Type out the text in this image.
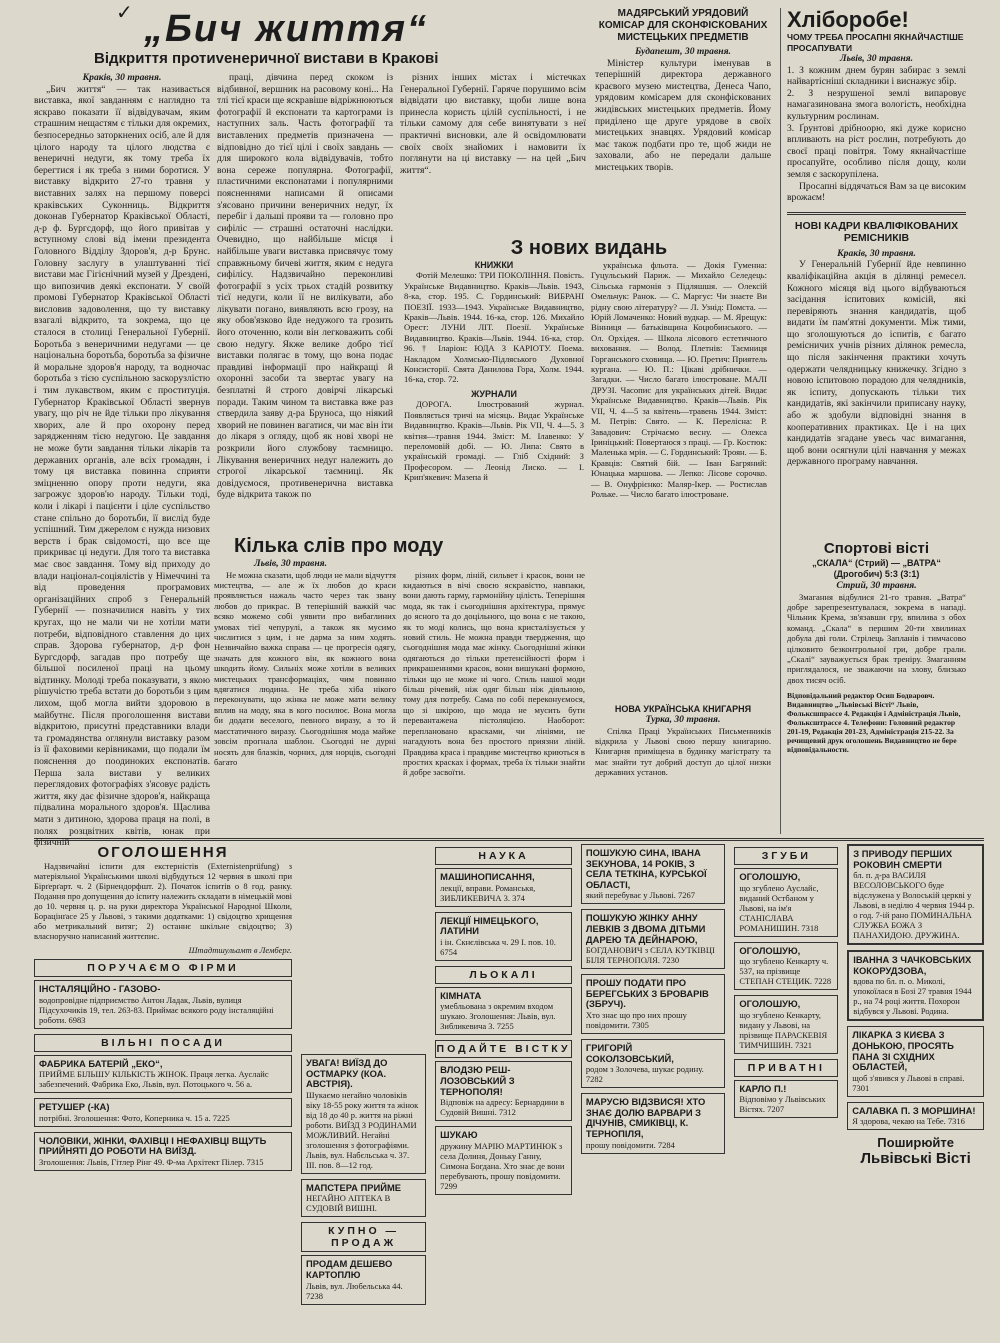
✓ „Бич життя“
Відкриття протиvенеричної вистави в Кракові
Краків, 30 травня.

„Бич життя“ — так називається виставка, якої завданням є наглядно та яскраво показати її відвідувачам, яким страшним нещастям є тільки для окремих, безпосередньо заторкнених осіб, але й для цілого народу та цілого людства є венеричні недуги, як тому треба їх берегтися і як треба з ними боротися. У виставку відкрито 27-го травня у виставних залях на першому поверсі краківських Суконниць. Відкриття доконав Губернатор Краківської Області, д-р ф. Бургсдорф, що його привітав у вступному слові від імени президента Головного Відділу Здоров'я, д-р Брунс. Головну заслугу в улаштуванні тієї вистави має Гігієнічний музей у Дрездені, що випозичив деякі експонати. У своїй промові Губернатор Краківської Області висловив задоволення, що ту виставку взагалі відкрито, та зокрема, що це сталося в столиці Генеральної Губернії. Боротьба з венеричними недугами — це національна боротьба, боротьба за фізичне й моральне здоров'я народу, та водночас боротьба з тією суспільною заскорузлістю і тим лукавством, яким є проституція. Губернатор Краківської Області звернув увагу, що річ не йде тільки про лікування хворих, але й про охорону перед зарядженням тією недугою. Це завдання не може бути завдання тільки лікарів та державних органів, але всіх громадян, і тому ця виставка повинна сприяти зміцненню опору проти недуги, яка загрожує здоров'ю народу. Тільки тоді, коли і лікарі і пацієнти і ціле суспільство стане спільно до боротьби, її вислід буде успішний. Тим джерелом є нужда низових верств і брак свідомості, що все ще прикриває ці недуги. Для того та виставка має своє завдання. Тому від приходу до влади націонал-соціялістів у Німеччині та від проведення програмових організаційних спроб з Генеральній Губернії — позначилися навіть у тих кругах, що не мали чи не хотіли мати потреби, відповідного ставлення до цих справ. Здорова губернатор, д-р фон Бургсдорф, загадав про потребу ще більшої посиленої праці на цьому відтинку. Молоді треба показувати, з якою рішучістю треба встати до боротьби з цим лихом, щоб могла вийти здоровою в майбутнє. Після проголошення вистави відкритою, присутні представники влади та громадянства оглянули виставку разом із її фаховими керівниками, що подали їм пояснення до поодиноких експонатів. Перша зала вистави у великих переглядових фотографіях з'ясовує радість життя, яку дає фізичне здоров'я, найкраща підвалина морального здоров'я. Щаслива мати з дитиною, здорова праця на полі, в полях розцвітних квітів, юнак при фізичній

праці, дівчина перед скоком із відбивної, вершник на расовому коні... На тлі тієї краси ще яскравіше відріжнюються фотографії й експонати та картограми із наступних заль. Часть фотографії та виставлених предметів призначена — відповідно до тієї цілі і своїх завдань — для широкого кола відвідувачів, тобто вона сереже популярна. Фотографії, пластичними експонатами і популярними поясненнями написами й описами з'ясовано причини венеричних недуг, їх перебіг і дальші прояви та — головно про сифіліс — страшні остаточні наслідки. Очевидно, що найбільше місця і найбільше уваги виставка присвячує тому справжньому бичеві життя, яким є недуга сифілісу. Надзвичайно переконливі фотографії з усіх трьох стадій розвитку тієї недуги, коли її не вилікувати, або лікувати погано, виявляють всю грозу, на яку обов'язково йде недужого та грозить його оточенню, коли він легковажить собі свою недугу. Якже велике добро тієї виставки полягає в тому, що вона подає правдиві інформації про найкращі й охоронні засоби та звертає увагу на безплатні й строго довірчі лікарські поради. Таким чином та виставка вже раз ствердила заяву д-ра Бруноса, що ніякий хворий не повинен вагатися, чи має він іти до лікаря з огляду, щоб як нові хворі не розкрили його службову таємницю. Лікування венеричних недуг належить до строгої лікарської таємниці. Як довідуємося, противенерична виставка буде відкрита також по

різних інших містах і містечках Генеральної Губернії. Гаряче порушимо всім відвідати цю виставку, щоби лише вона принесла користь цілій суспільності, і не тільки самому для себе винятувати з неї практичні висновки, але й освідомлювати своїх своїх знайомих і намовити їх поглянути на ці виставку — на цей „Бич життя“.

МАДЯРСЬКИЙ УРЯДОВИЙ КОМІСАР ДЛЯ СКОНФІСКОВАНИХ МИСТЕЦЬКИХ ПРЕДМЕТІВ
Будапешт, 30 травня.

Міністер культури іменував в теперішній директора державного краєвого музею мистецтва, Денеса Чапо, урядовим комісарем для сконфіскованих жидівських мистецьких предметів. Йому приділено ще друге урядове в своїх мистецьких знавцях. Урядовий комісар має також подбати про те, щоб жиди не заховали, або не передали дальше мистецьких творів.

Хліборобе!
ЧОМУ ТРЕБА ПРОСАПНІ ЯКНАЙЧАСТІШЕ ПРОСАПУВАТИ
Львів, 30 травня.
1. З кожним днем бурян забирає з землі найвартісніші складники і виснажує збір.
2. З незрушеної землі випаровує намагазинована змога вологість, необхідна культурним рослинам.
3. Ґрунтові дрібноорю, які дуже корисно впливають на ріст рослин, потребують до своєї праці повітря. Тому якнайчастіше просапуйте, особливо після дощу, коли земля є заскорупілена.

Просапні віддячаться Вам за це високим врожаєм!

НОВІ КАДРИ КВАЛІФІКОВАНИХ РЕМІСНИКІВ
Краків, 30 травня.

У Генеральній Губернії йде невпинно кваліфікаційна акція в ділянці ремесел. Кожного місяця від цього відбуваються засідання іспитових комісій, які перевіряють знання кандидатів, щоб видати їм пам'ятні документи. Між тими, що зголошуються до іспитів, є багато ремісничих учнів різних ділянок ремесла, що після закінчення практики хочуть одержати челядницьку книжечку. Згідно з новою іспитовою порадою для челядників, як іспиту, допускають тільки тих кандидатів, які закінчили приписану науку, або ж здобули відповідні знання в кооперативних практиках. Це і на цих кандидатів згадане увесь час вимагання, щоб вони осягнули цілі навчання у межах державного програму навчання.

З нових видань
КНИЖКИ

Фотій Мелешко: ТРИ ПОКОЛІННЯ. Повість. Українське Видавництво. Краків—Львів. 1943, 8-ка, стор. 195. С. Гординський: ВИБРАНІ ПОЕЗІЇ. 1933—1943. Українське Видавництво, Краків—Львів. 1944. 16-ка, стор. 126. Михайло Орест: ЛУНИ ЛІТ. Поезії. Українське Видавництво. Краків—Львів. 1944. 16-ка, стор. 96. † Іларіон: ЮДА З КАРІОТУ. Поема. Накладом Холмсько-Підляського Духовної Консисторії. Свята Данилова Гора, Холм. 1944. 16-ка, стор. 72.

ЖУРНАЛИ

ДОРОГА. Ілюстрований журнал. Появляється тричі на місяць. Видає Українське Видавництво. Краків—Львів. Рік VII, Ч. 4—5. З квітня—травня 1944. Зміст: М. Ілавенко: У переломовій добі. — Ю. Липа: Свято в українській громаді. — Гліб Східний: З Професором. — Леонід Лиско. — І. Крип'якевич: Мазепа й

українська фльота. — Докія Гуменна: Гуцульський Париж. — Михайло Селедець: Сільська гармонія з Підляшшя. — Олексій Омельчук: Ранок. — С. Маргус: Чи знаєте Ви рідну свою літературу? — Л. Узнід: Помста. — Юрій Ломаченко: Новий вудкар. — М. Ярещук: Вінниця — батьківщина Коцюбинського. — Ол. Орхідея. — Школа лісового естетичного виховання. — Волод. Плетнів: Таємниця Горганського сховища. — Ю. Претич: Приятель кургана. — Ю. П.: Цікаві дрібнички. — Загадки. — Число багато ілюстроване. МАЛІ ДРУЗІ. Часопис для українських дітей. Видає Українське Видавництво. Краків—Львів. Рік VII, Ч. 4—5 за квітень—травень 1944. Зміст: М. Петрів: Свято. — К. Перелісна: Р. Завадович: Стрічаємо весну. — Олекса Іриніцький: Повертаюся з праці. — Гр. Костюк: Маленька мрія. — С. Гординський: Троян. — Б. Кравців: Святий бій. — Іван Багряний: Юнацька маршова. — Лепко: Лісове сорочко. — В. Онуфрієнко: Маляр-Ікер. — Ростислав Рольке. — Число багато ілюстроване.

Кілька слів про моду
Львів, 30 травня.

Не можна сказати, щоб люди не мали відчуття мистецтва, — але ж їх любов до краси проявляється нажаль часто через так звану любов до прикрас. В теперішній важкій час всяко можемо собі уявити про вибаглиних умовах тієї чепурулі, а також як мусимо числитися з цим, і не дарма за ним ходять. Незвичайно важка справа — це прогресія одягу, значать для кожного він, як кожного вона шкодить йому. Сильніх може хотіли в великих мистецьких трансформаціях, чим повинно вдягатися людина. Не треба хіба нікого переконувати, що жінка не може мати велику вплив на моду, яка в кого посилює. Вона могла би додати веселого, певного виразу, а то й маєстатичного виразу. Сьогоднішня мода майже зовсім прогнала шаблон. Сьогодні не дурні носять для блазків, чорних, для норців, сьогодні багато

різних форм, ліній, сильвет і красок, вони не кидаються в вічі своєю яскравістю, навпаки, вони дають гарму, гармонійну цілість. Теперішня мода, як так і сьогоднішня архітектура, прямує до ясного та до доцільного, що вона є не такою, як то моді колись, що вона кристалізується у новий стиль. Не можна правди твердження, що сьогоднішня мода має жінку. Сьогоднішні жінки одягаються до тільки претенсійності форм і прикрашеннями красок, вони вишукані формою, тільки що не може ні чого. Стиль нашої моди більш річевий, ніж одяг більш ніж діяльною, тому для потребу. Сама по собі переконуємося, що зі шкірою, що мода не мусить бути перевантажена пістоляцією. Наоборот: переплановано красками, чи лініями, не нагадують вона без простого приязни ліній. Правдива краса і правдиве мистецтво криються в простих красках і формах, треба їх тільки знайти й добре засвоїти.

НОВА УКРАЇНСЬКА КНИГАРНЯ
Турка, 30 травня.

Спілка Праці Українських Письменників відкрила у Львові свою першу книгарню. Книгарня приміщена в будинку магістрату та має знайти тут добрий доступ до цілої низки державних установ.

Спортові вісті
„СКАЛА“ (Стрий) — „ВАТРА“ (Дрогобич) 5:3 (3:1)
Стрий, 30 травня.

Змагання відбулися 21-го травня. „Ватра“ добре зарепрезентувалася, зокрема в нападі. Чільник Крема, зв'язавши гру, впилива з обох команд. „Скала“ в першим 20-ти хвилинах добула дві голи. Стрілець Запланів і тимчасово цілковито безконтрольної гри, добре грали. „Скалі“ зауважується брак треніру. Змаганням приглядалося, не зважаючи на злову, близько двох тисяч осіб.

Відповідальний редактор Осип Бодваровч. Видавництво „Львівські Вісті“ Львів, Фольксшпрассе 4. Редакція і Адміністрація Львів, Фольксштрассе 4. Телефони: Головний редактор 201-19, Редакція 201-23, Адміністрація 215-22. За речищевий друк оголошень Видавництво не бере відповідальности.

ОГОЛОШЕННЯ

Надзвичайні іспити для екстерністів (Externistenprüfung) з матеріяльної Українськими школі відбудуться 12 червня в школі при Бірґерґарт. ч. 2 (Бірнендорфшт. 2). Початок іспитів о 8 год. ранку. Подання про допущення до іспиту належить складати в німецькій мові до 10. червня ц. р. на руки директора Української Народної Школи, Борацінґасе 25 у Львові, з такими додатками: 1) свідоцтво хрищення або метрикальний витяг; 2) останнє шкільне свідоцтво; 3) власноручно написаний життєпис.

Штадтшульамт в Лемберг.
ПОРУЧАЄМО ФІРМИ
ІНСТАЛЯЦІЙНО - ГАЗОВО-
водопровідне підприємство Антон Ладак, Львів, вулиця Підсухочиків 19, тел. 263-83. Приймає всякого роду інсталяційні роботи. 6983
ВІЛЬНІ ПОСАДИ
ФАБРИКА БАТЕРІЙ „ЕКО“,
ПРИЙМЕ БІЛЬШУ КІЛЬКІСТЬ ЖІНОК. Праця легка. Ауслайс забезпечений. Фабрика Еко, Львів, вул. Потоцького ч. 56 а.
РЕТУШЕР (-КА)
потрібні. Зголошення: Фото, Коперника ч. 15 а. 7225
ЧОЛОВІКИ, ЖІНКИ, ФАХІВЦІ І НЕФАХІВЦІ ВЩУТЬ ПРИЙНЯТІ ДО РОБОТИ НА ВИЇЗД.
Зголошення: Львів, Гітлер Рінг 49. Ф-ма Архітект Пілер. 7315
УВАГА! ВИЇЗД ДО ОСТМАРКУ (КОА. АВСТРІЯ).
Шукаємо негайно чоловіків віку 18-55 року життя та жінок від 18 до 40 р. життя на ріжні роботи. ВИЇЗД З РОДИНАМИ МОЖЛИВИЙ. Негайні зголошення з фотографіями. Львів, вул. Набєльська ч. 37. ІІІ. пов. 8—12 год.
МАПСТЕРА ПРИЙМЕ
НЕГАЙНО АПТЕКА В СУДОВІЙ ВИШНІ.
КУПНО — ПРОДАЖ
ПРОДАМ ДЕШЕВО КАРТОПЛЮ
Львів, вул. Любельська 44. 7238
НАУКА
МАШИНОПИСАННЯ,
лекції, вправи. Романськя, ЗИБЛИКЕВИЧА 3. 374
ЛЕКЦІЇ НІМЕЦЬКОГО, ЛАТИНИ
і ін. Скнєлівська ч. 29 І. пов. 10. 6754
ЛЬОКАЛІ
КІМНАТА
умебльована з окремим входом шукаю. Зголошення: Львів, вул. Зибликевича 3. 7255
ПОДАЙТЕ ВІСТКУ
ВЛОДЗЮ РЕШ-ЛОЗОВСЬКИЙ З ТЕРНОПОЛЯ!
Відповіж на адресу: Бернардини в Судовій Вишні. 7312
ШУКАЮ
дружину МАРІЮ МАРТИНЮК з села Долиня, Доньку Ганну, Симона Богдана. Хто знає де вони перебувають, прошу повідомити. 7299
ПОШУКУЮ СИНА, ІВАНА ЗЕКУНОВА, 14 РОКІВ, З СЕЛА ТЕТКІНА, КУРСЬКОЇ ОБЛАСТІ,
який перебуває у Львові. 7267
ПОШУКУЮ ЖІНКУ АННУ ЛЕВКІВ З ДВОМА ДІТЬМИ ДАРЕЮ ТА ДЕЙНАРОЮ,
БОГДАНОВИЧ з СЕЛА КУТКІВЦІ БІЛЯ ТЕРНОПОЛЯ. 7230
ПРОШУ ПОДАТИ ПРО БЕРЕГСЬКИХ З БРОВАРІВ (ЗБРУЧ).
Хто знає що про них прошу повідомити. 7305
ГРИГОРІЙ СОКОЛЗОВСЬКИЙ,
родом з Золочева, шукає родину. 7282
МАРУСЮ ВІДЗВИСЯ! ХТО ЗНАЄ ДОЛЮ ВАРВАРИ З ДІЧУНІВ, СМИКІВЦІ, К. ТЕРНОПІЛЯ,
прошу повідомити. 7284
ЗГУБИ
ОГОЛОШУЮ,
що згублено Ауслайс, виданий Остбаном у Львові, на ім'я СТАНІСЛАВА РОМАНИШИН. 7318
ОГОЛОШУЮ,
що згублено Кенкарту ч. 537, на прізвище СТЕПАН СТЕЦИК. 7228
ОГОЛОШУЮ,
що згублено Кенкарту, видану у Львові, на прізвище ПАРАСКЕВІЯ ТИМЧИШИН. 7321
ПРИВАТНІ
КАРЛО П.!
Відповімо у Львівських Вістях. 7207
З ПРИВОДУ ПЕРШИХ РОКОВИН СМЕРТИ
бл. п. д-ра ВАСИЛЯ ВЕСОЛОВСЬКОГО буде відслужена у Волоській церкві у Львові, в неділю 4 червня 1944 р. о год. 7-ій рано ПОМИНАЛЬНА СЛУЖБА БОЖА З ПАНАХИДОЮ. ДРУЖИНА.
ІВАННА З ЧАЧКОВСЬКИХ КОКОРУДЗОВА,
вдова по бл. п. о. Миколі, упокоїлася в Бозі 27 травня 1944 р., на 74 році життя. Похорон відбувся у Львові. Родина.
ЛІКАРКА З КИЄВА З ДОНЬКОЮ, ПРОСЯТЬ ПАНА ЗІ СХІДНИХ ОБЛАСТЕЙ,
щоб з'явився у Львові в справі. 7301
САЛАВКА П. З МОРШИНА!
Я здорова, чекаю на Тебе. 7316
Поширюйте
Львівські Вісті
